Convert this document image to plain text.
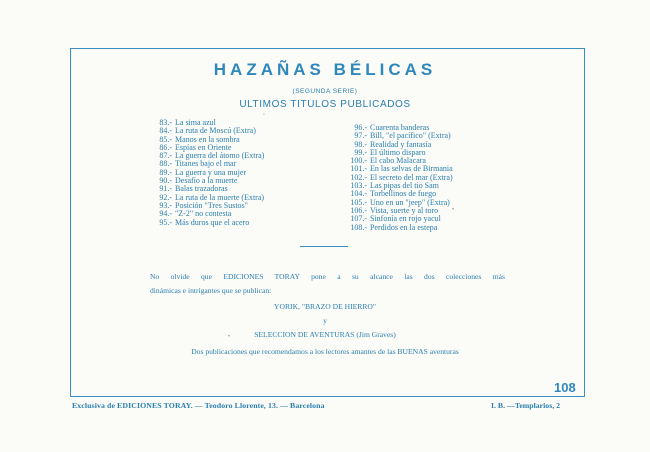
HAZAÑAS BÉLICAS
(SEGUNDA SERIE)
ULTIMOS TITULOS PUBLICADOS
83.- La sima azul
84.- La ruta de Moscú (Extra)
85.- Manos en la sombra
86.- Espías en Oriente
87.- La guerra del átomo (Extra)
88.- Titanes bajo el mar
89.- La guerra y una mujer
90.- Desafío a la muerte
91.- Balas trazadoras
92.- La ruta de la muerte (Extra)
93.- Posición "Tres Sustos"
94.- "Z-2" no contesta
95.- Más duros que el acero
96.- Cuarenta banderas
97.- Bill, "el pacífico" (Extra)
98.- Realidad y fantasía
99.- El último disparo
100.- El cabo Malacara
101.- En las selvas de Birmania
102.- El secreto del mar (Extra)
103.- Las pipas del tío Sam
104.- Torbellinos de fuego
105.- Uno en un "jeep" (Extra)
106.- Vista, suerte y al toro
107.- Sinfonía en rojo yacul
108.- Perdidos en la estepa
No olvide que EDICIONES TORAY pone a su alcance las dos colecciones más
dinámicas e intrigantes que se publican:
YORIK, "BRAZO DE HIERRO"
y
SELECCION DE AVENTURAS (Jim Graves)
Dos publicaciones que recomendamos a los lectores amantes de las BUENAS aventuras
108
Exclusiva de EDICIONES TORAY. — Teodoro Llorente, 13. — Barcelona	I. B. —Templarios, 2
◦
•
•
